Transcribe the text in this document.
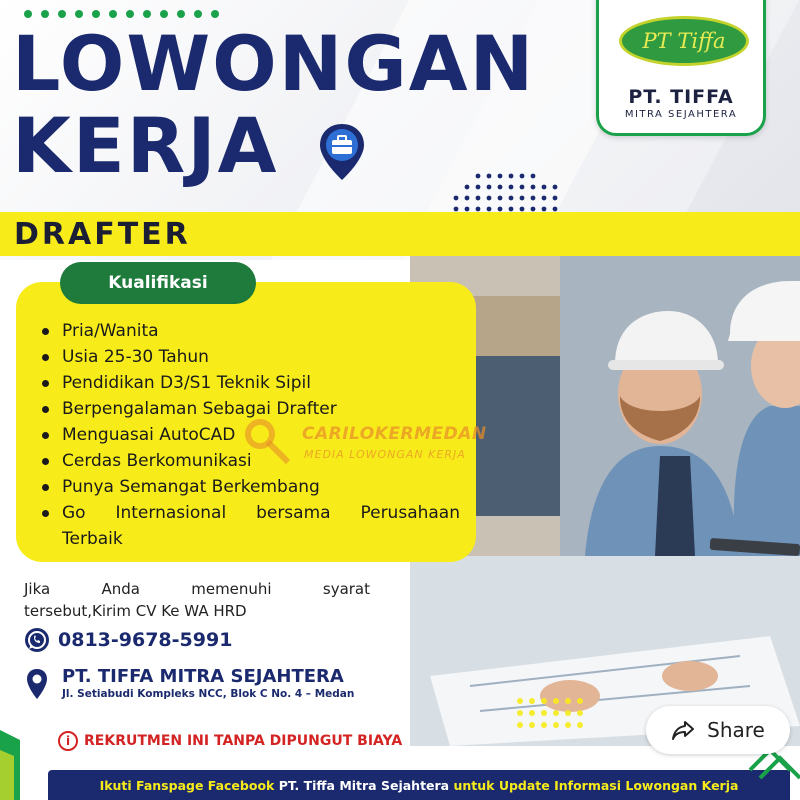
LOWONGAN
KERJA
PT Tiffa
PT. TIFFA
MITRA SEJAHTERA
DRAFTER
Kualifikasi
Pria/Wanita
Usia 25-30 Tahun
Pendidikan D3/S1 Teknik Sipil
Berpengalaman Sebagai Drafter
Menguasai AutoCAD
Cerdas Berkomunikasi
Punya Semangat Berkembang
Go Internasional bersama Perusahaan
Terbaik
CARILOKERMEDAN
MEDIA LOWONGAN KERJA
Jika	Anda	memenuhi	syarat
tersebut,Kirim CV Ke WA HRD
0813-9678-5991
PT. TIFFA MITRA SEJAHTERA
Jl. Setiabudi Kompleks NCC, Blok C No. 4 – Medan
i REKRUTMEN INI TANPA DIPUNGUT BIAYA
Ikuti Fanspage Facebook
PT. Tiffa Mitra Sejahtera
untuk Update Informasi Lowongan Kerja
Share
